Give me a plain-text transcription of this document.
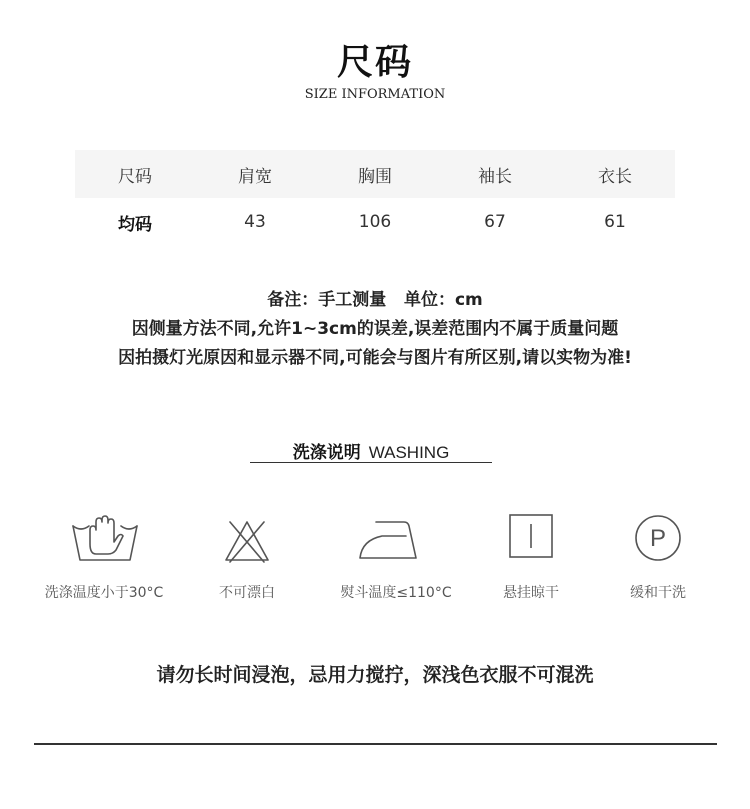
尺码
SIZE INFORMATION
尺码	肩宽	胸围	袖长	衣长
均码	43	106	67	61
备注：手工测量   单位：cm
因侧量方法不同,允许1~3cm的误差,误差范围内不属于质量问题
因拍摄灯光原因和显示器不同,可能会与图片有所区别,请以实物为准!
洗涤说明 WASHING
洗涤温度小于30°C	不可漂白	熨斗温度≤110°C	悬挂晾干
P
缓和干洗
请勿长时间浸泡，忌用力搅拧，深浅色衣服不可混洗
